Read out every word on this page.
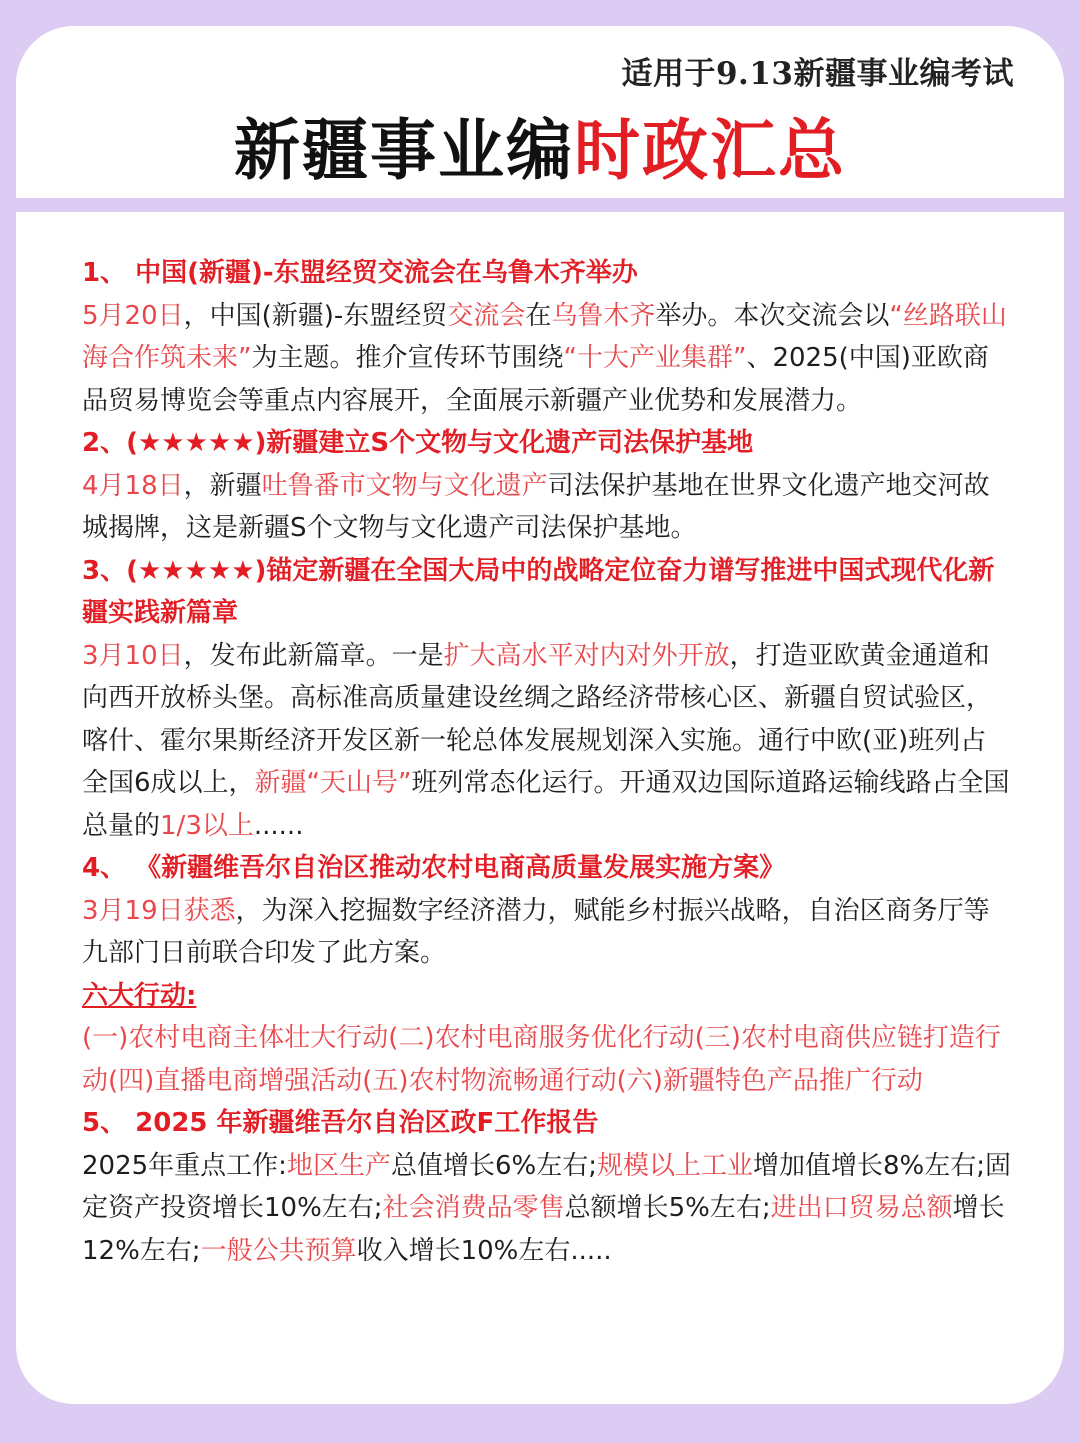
适用于9.13新疆事业编考试
新疆事业编时政汇总

1、 中国(新疆)-东盟经贸交流会在乌鲁木齐举办

5月20日，中国(新疆)-东盟经贸交流会在乌鲁木齐举办。本次交流会以“丝路联山海合作筑未来”为主题。推介宣传环节围绕“十大产业集群”、2025(中国)亚欧商品贸易博览会等重点内容展开，全面展示新疆产业优势和发展潜力。

2、(★★★★★)新疆建立S个文物与文化遗产司法保护基地

4月18日，新疆吐鲁番市文物与文化遗产司法保护基地在世界文化遗产地交河故城揭牌，这是新疆S个文物与文化遗产司法保护基地。

3、(★★★★★)锚定新疆在全国大局中的战略定位奋力谱写推进中国式现代化新疆实践新篇章

3月10日，发布此新篇章。一是扩大高水平对内对外开放，打造亚欧黄金通道和向西开放桥头堡。高标准高质量建设丝绸之路经济带核心区、新疆自贸试验区，喀什、霍尔果斯经济开发区新一轮总体发展规划深入实施。通行中欧(亚)班列占全国6成以上，新疆“天山号”班列常态化运行。开通双边国际道路运输线路占全国总量的1/3以上......

4、 《新疆维吾尔自治区推动农村电商高质量发展实施方案》

3月19日获悉，为深入挖掘数字经济潜力，赋能乡村振兴战略，自治区商务厅等九部门日前联合印发了此方案。

六大行动:

(一)农村电商主体壮大行动(二)农村电商服务优化行动(三)农村电商供应链打造行动(四)直播电商增强活动(五)农村物流畅通行动(六)新疆特色产品推广行动

5、 2025 年新疆维吾尔自治区政F工作报告

2025年重点工作:地区生产总值增长6%左右;规模以上工业增加值增长8%左右;固定资产投资增长10%左右;社会消费品零售总额增长5%左右;进出口贸易总额增长12%左右;一般公共预算收入增长10%左右.....
